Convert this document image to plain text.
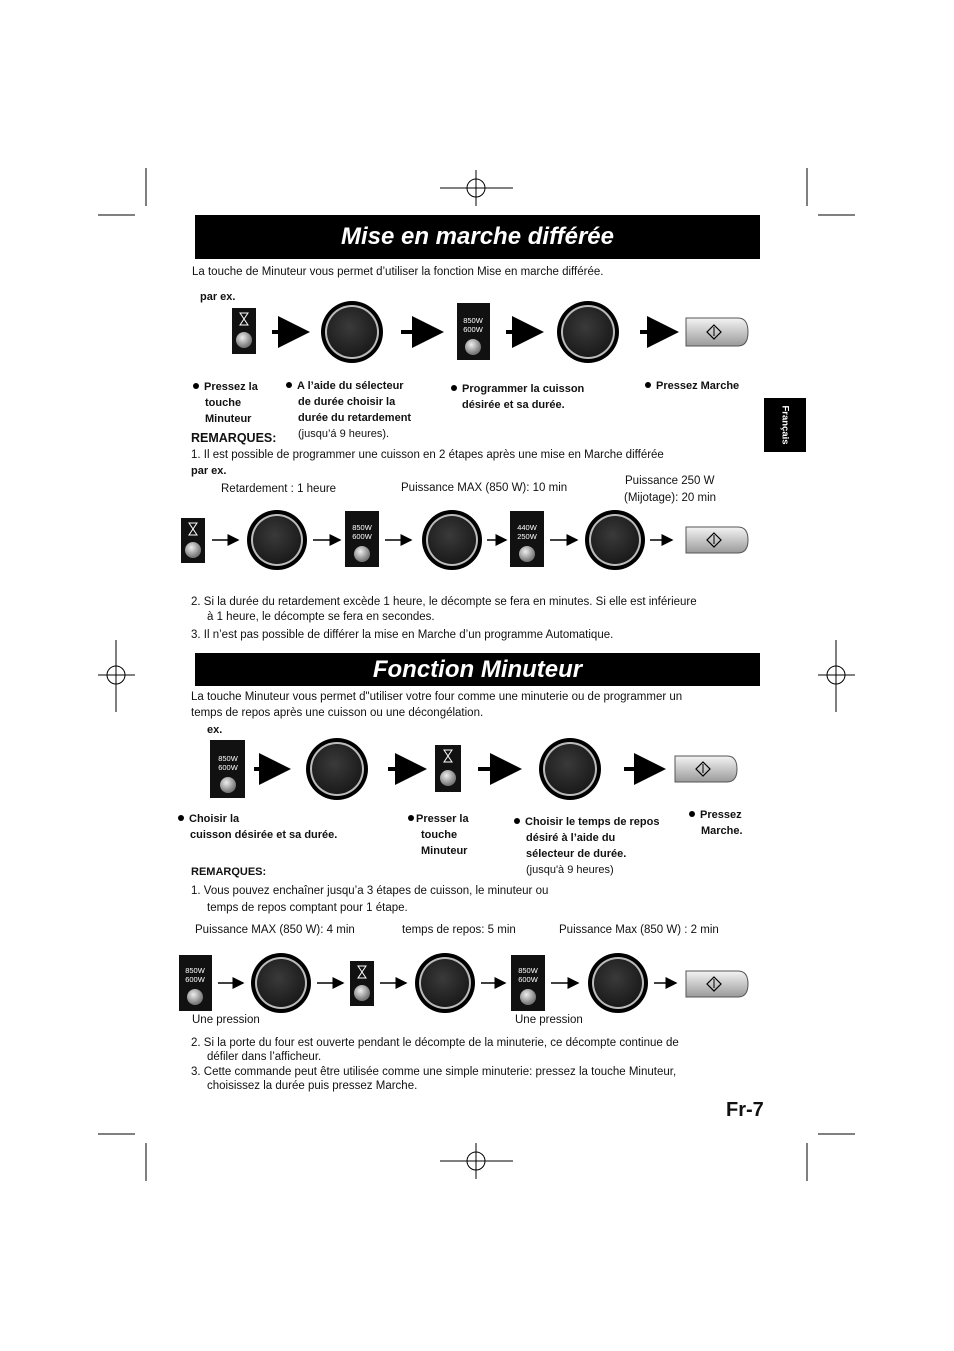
850W
600W
850W
600W
440W
250W
850W
600W
850W
600W
850W
600W
Mise en marche différée
La touche de Minuteur vous permet d’utiliser la fonction Mise en marche différée.
par ex.
Pressez la
touche
Minuteur
A l’aide du sélecteur
de durée choisir la
durée du retardement
(jusqu’á 9 heures).
Programmer la cuisson
désirée et sa durée.
Pressez Marche
REMARQUES:
1. Il est possible de programmer une cuisson en 2 étapes après une mise en Marche différée
par ex.
Retardement : 1 heure	Puissance MAX (850 W): 10 min
Puissance 250 W
(Mijotage): 20 min
2. Si la durée du retardement excède 1 heure, le décompte se fera en minutes. Si elle est inférieure
à 1 heure, le décompte se fera en secondes.
3. Il n’est pas possible de différer la mise en Marche d’un programme Automatique.
Fonction Minuteur
La touche Minuteur vous permet d"utiliser votre four comme une minuterie ou de programmer un
temps de repos après une cuisson ou une décongélation.
ex.
Choisir la
cuisson désirée et sa durée.
Presser la
touche
Minuteur
Choisir le temps de repos
désiré à l’aide du
sélecteur de durée.
(jusqu'à 9 heures)
Pressez
Marche.
REMARQUES:
1. Vous pouvez enchaîner jusqu’a 3 étapes de cuisson, le minuteur ou
temps de repos comptant pour 1 étape.
Puissance MAX (850 W): 4 min	temps de repos: 5 min	Puissance Max (850 W) : 2 min
Une pression	Une pression
2. Si la porte du four est ouverte pendant le décompte de la minuterie, ce décompte continue de
défiler dans l’afficheur.
3. Cette commande peut être utilisée comme une simple minuterie: pressez la touche Minuteur,
choisissez la durée puis pressez Marche.
Français
Fr-7
